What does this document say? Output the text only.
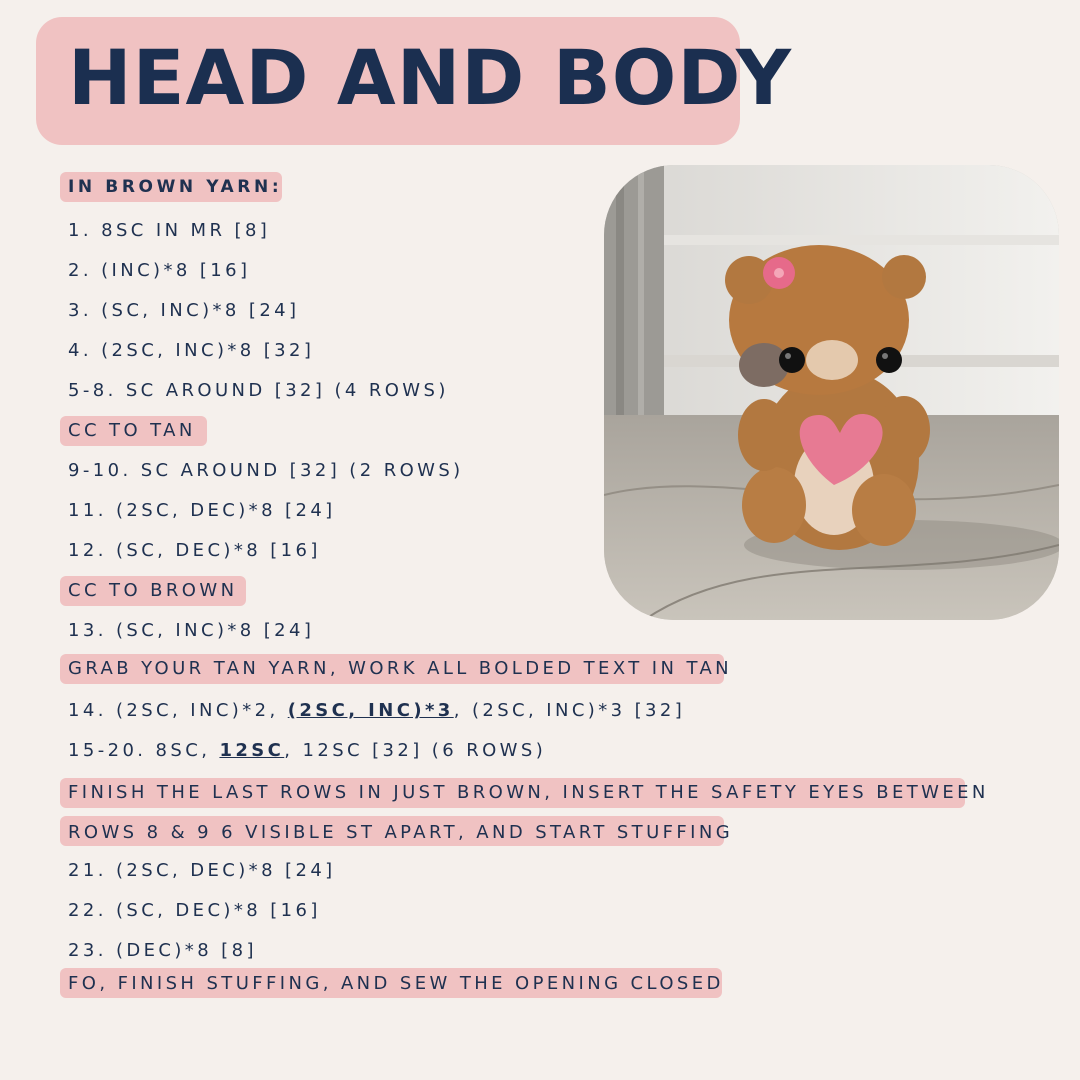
HEAD AND BODY
IN BROWN YARN:
1. 8SC IN MR [8]
2. (INC)*8 [16]
3. (SC, INC)*8 [24]
4. (2SC, INC)*8 [32]
5-8. SC AROUND [32] (4 ROWS)
CC TO TAN
9-10. SC AROUND [32] (2 ROWS)
11. (2SC, DEC)*8 [24]
12. (SC, DEC)*8 [16]
CC TO BROWN
13. (SC, INC)*8 [24]
GRAB YOUR TAN YARN, WORK ALL BOLDED TEXT IN TAN
14. (2SC, INC)*2, (2SC, INC)*3, (2SC, INC)*3 [32]
15-20. 8SC, 12SC, 12SC [32] (6 ROWS)
FINISH THE LAST ROWS IN JUST BROWN, INSERT THE SAFETY EYES BETWEEN
ROWS 8 & 9 6 VISIBLE ST APART, AND START STUFFING
21. (2SC, DEC)*8 [24]
22. (SC, DEC)*8 [16]
23. (DEC)*8 [8]
FO, FINISH STUFFING, AND SEW THE OPENING CLOSED
